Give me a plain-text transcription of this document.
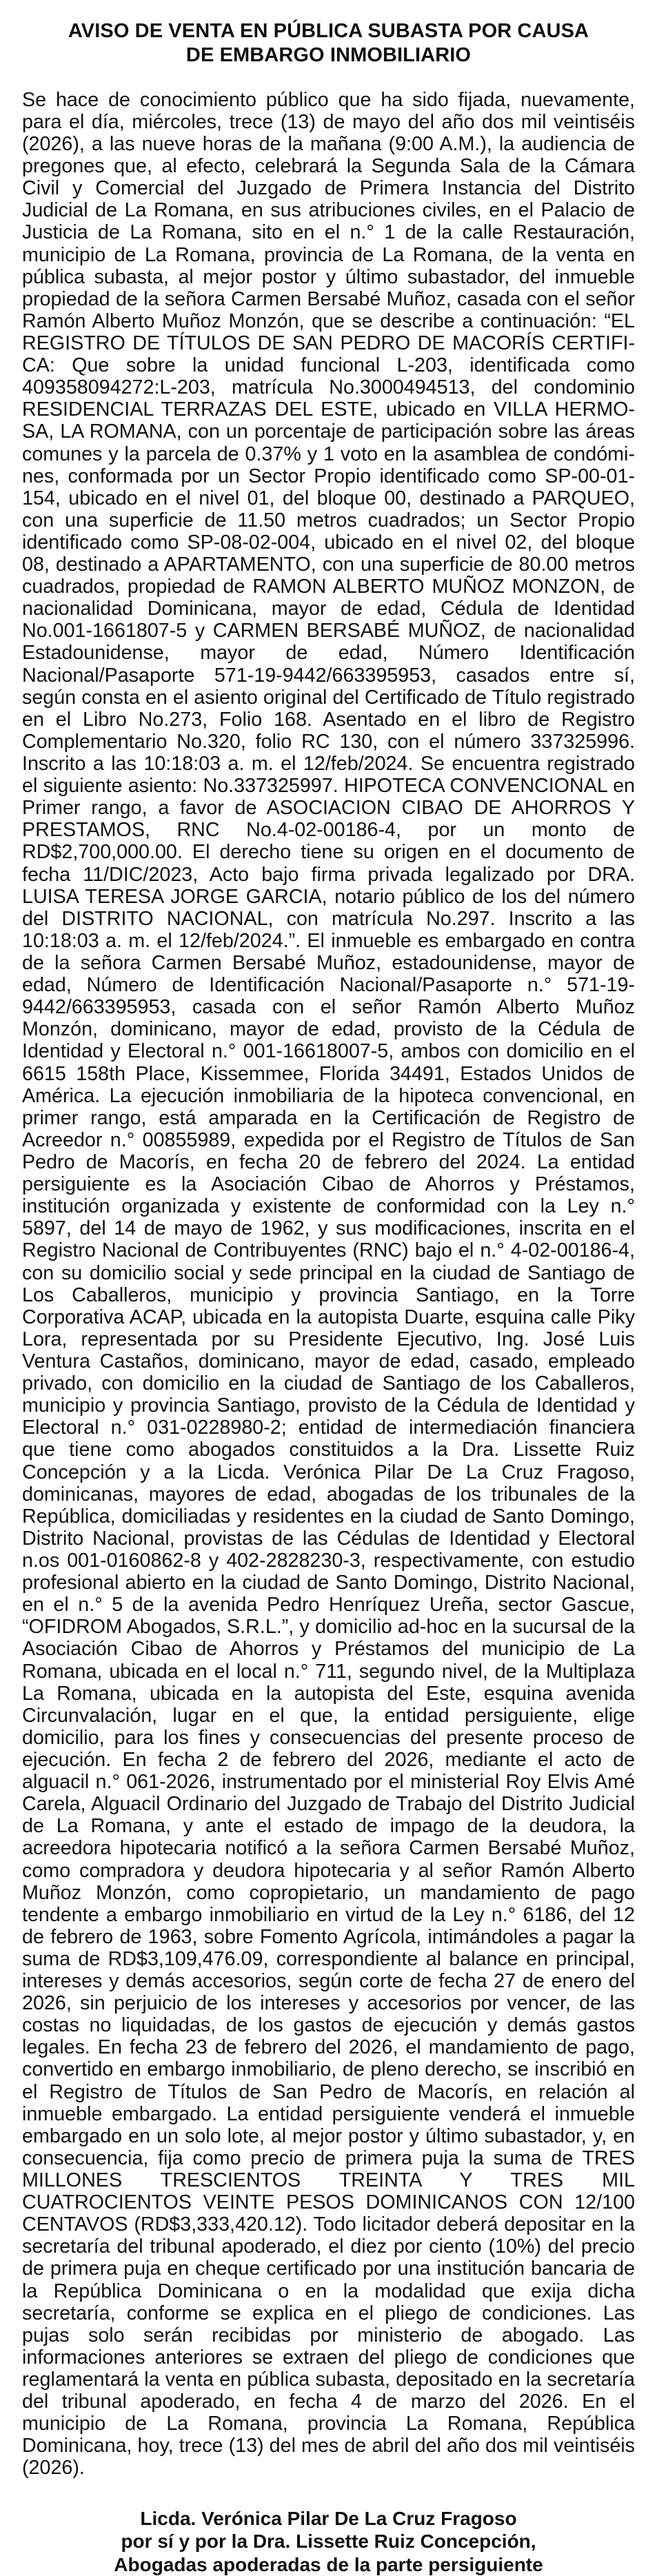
AVISO DE VENTA EN PÚBLICA SUBASTA POR CAUSA
DE EMBARGO INMOBILIARIO

Se hace de conocimiento público que ha sido fijada, nuevamente, para el día, miércoles, trece (13) de mayo del año dos mil veintiséis (2026), a las nueve horas de la mañana (9:00 A.M.), la audiencia de pregones que, al efecto, celebrará la Segunda Sala de la Cámara Civil y Comercial del Juzgado de Primera Instancia del Distrito Judicial de La Romana, en sus atribuciones civiles, en el Palacio de Justicia de La Romana, sito en el n.° 1 de la calle Restauración, municipio de La Romana, provincia de La Romana, de la venta en pública subasta, al mejor postor y último subastador, del inmueble propiedad de la señora Carmen Bersabé Muñoz, casada con el señor Ramón Alberto Muñoz Monzón, que se describe a continuación: “EL REGISTRO DE TÍTULOS DE SAN PEDRO DE MACORÍS CERTIFICA: Que sobre la unidad funcional L-203, identificada como 409358094272:L-203, matrícula No.3000494513, del condominio RESIDENCIAL TERRAZAS DEL ESTE, ubicado en VILLA HERMOSA, LA ROMANA, con un porcentaje de participación sobre las áreas comunes y la parcela de 0.37% y 1 voto en la asamblea de condómines, conformada por un Sector Propio identificado como SP-00-01-154, ubicado en el nivel 01, del bloque 00, destinado a PARQUEO, con una superficie de 11.50 metros cuadrados; un Sector Propio identificado como SP-08-02-004, ubicado en el nivel 02, del bloque 08, destinado a APARTAMENTO, con una superficie de 80.00 metros cuadrados, propiedad de RAMON ALBERTO MUÑOZ MONZON, de nacionalidad Dominicana, mayor de edad, Cédula de Identidad No.001-1661807-5 y CARMEN BERSABÉ MUÑOZ, de nacionalidad Estadounidense, mayor de edad, Número Identificación Nacional/Pasaporte 571-19-9442/663395953, casados entre sí, según consta en el asiento original del Certificado de Título registrado en el Libro No.273, Folio 168. Asentado en el libro de Registro Complementario No.320, folio RC 130, con el número 337325996. Inscrito a las 10:18:03 a. m. el 12/feb/2024. Se encuentra registrado el siguiente asiento: No.337325997. HIPOTECA CONVENCIONAL en Primer rango, a favor de ASOCIACION CIBAO DE AHORROS Y PRESTAMOS, RNC No.4-02-00186-4, por un monto de RD$2,700,000.00. El derecho tiene su origen en el documento de fecha 11/DIC/2023, Acto bajo firma privada legalizado por DRA. LUISA TERESA JORGE GARCIA, notario público de los del número del DISTRITO NACIONAL, con matrícula No.297. Inscrito a las 10:18:03 a. m. el 12/feb/2024.”. El inmueble es embargado en contra de la señora Carmen Bersabé Muñoz, estadounidense, mayor de edad, Número de Identificación Nacional/Pasaporte n.° 571-19-9442/663395953, casada con el señor Ramón Alberto Muñoz Monzón, dominicano, mayor de edad, provisto de la Cédula de Identidad y Electoral n.° 001-16618007-5, ambos con domicilio en el 6615 158th Place, Kissemmee, Florida 34491, Estados Unidos de América. La ejecución inmobiliaria de la hipoteca convencional, en primer rango, está amparada en la Certificación de Registro de Acreedor n.° 00855989, expedida por el Registro de Títulos de San Pedro de Macorís, en fecha 20 de febrero del 2024. La entidad persiguiente es la Asociación Cibao de Ahorros y Préstamos, institución organizada y existente de conformidad con la Ley n.° 5897, del 14 de mayo de 1962, y sus modificaciones, inscrita en el Registro Nacional de Contribuyentes (RNC) bajo el n.° 4-02-00186-4, con su domicilio social y sede principal en la ciudad de Santiago de Los Caballeros, municipio y provincia Santiago, en la Torre Corporativa ACAP, ubicada en la autopista Duarte, esquina calle Piky Lora, representada por su Presidente Ejecutivo, Ing. José Luis Ventura Castaños, dominicano, mayor de edad, casado, empleado privado, con domicilio en la ciudad de Santiago de los Caballeros, municipio y provincia Santiago, provisto de la Cédula de Identidad y Electoral n.° 031-0228980-2; entidad de intermediación financiera que tiene como abogados constituidos a la Dra. Lissette Ruiz Concepción y a la Licda. Verónica Pilar De La Cruz Fragoso, dominicanas, mayores de edad, abogadas de los tribunales de la República, domiciliadas y residentes en la ciudad de Santo Domingo, Distrito Nacional, provistas de las Cédulas de Identidad y Electoral n.os 001-0160862-8 y 402-2828230-3, respectivamente, con estudio profesional abierto en la ciudad de Santo Domingo, Distrito Nacional, en el n.° 5 de la avenida Pedro Henríquez Ureña, sector Gascue, “OFIDROM Abogados, S.R.L.”, y domicilio ad-hoc en la sucursal de la Asociación Cibao de Ahorros y Préstamos del municipio de La Romana, ubicada en el local n.° 711, segundo nivel, de la Multiplaza La Romana, ubicada en la autopista del Este, esquina avenida Circunvalación, lugar en el que, la entidad persiguiente, elige domicilio, para los fines y consecuencias del presente proceso de ejecución. En fecha 2 de febrero del 2026, mediante el acto de alguacil n.° 061-2026, instrumentado por el ministerial Roy Elvis Amé Carela, Alguacil Ordinario del Juzgado de Trabajo del Distrito Judicial de La Romana, y ante el estado de impago de la deudora, la acreedora hipotecaria notificó a la señora Carmen Bersabé Muñoz, como compradora y deudora hipotecaria y al señor Ramón Alberto Muñoz Monzón, como copropietario, un mandamiento de pago tendente a embargo inmobiliario en virtud de la Ley n.° 6186, del 12 de febrero de 1963, sobre Fomento Agrícola, intimándoles a pagar la suma de RD$3,109,476.09, correspondiente al balance en principal, intereses y demás accesorios, según corte de fecha 27 de enero del 2026, sin perjuicio de los intereses y accesorios por vencer, de las costas no liquidadas, de los gastos de ejecución y demás gastos legales. En fecha 23 de febrero del 2026, el mandamiento de pago, convertido en embargo inmobiliario, de pleno derecho, se inscribió en el Registro de Títulos de San Pedro de Macorís, en relación al inmueble embargado. La entidad persiguiente venderá el inmueble embargado en un solo lote, al mejor postor y último subastador, y, en consecuencia, fija como precio de primera puja la suma de TRES MILLONES TRESCIENTOS TREINTA Y TRES MIL CUATROCIENTOS VEINTE PESOS DOMINICANOS CON 12/100 CENTAVOS (RD$3,333,420.12). Todo licitador deberá depositar en la secretaría del tribunal apoderado, el diez por ciento (10%) del precio de primera puja en cheque certificado por una institución bancaria de la República Dominicana o en la modalidad que exija dicha secretaría, conforme se explica en el pliego de condiciones. Las pujas solo serán recibidas por ministerio de abogado. Las informaciones anteriores se extraen del pliego de condiciones que reglamentará la venta en pública subasta, depositado en la secretaría del tribunal apoderado, en fecha 4 de marzo del 2026. En el municipio de La Romana, provincia La Romana, República Dominicana, hoy, trece (13) del mes de abril del año dos mil veintiséis (2026).

Licda. Verónica Pilar De La Cruz Fragoso
por sí y por la Dra. Lissette Ruiz Concepción,
Abogadas apoderadas de la parte persiguiente
